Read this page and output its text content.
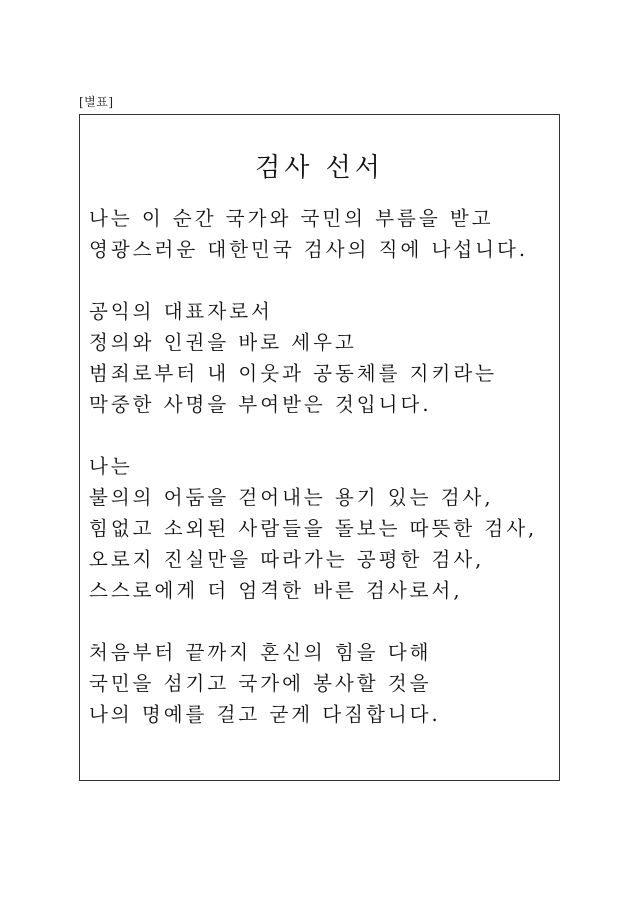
[별표]
검사 선서
나는 이 순간 국가와 국민의 부름을 받고
영광스러운 대한민국 검사의 직에 나섭니다.
공익의 대표자로서
정의와 인권을 바로 세우고
범죄로부터 내 이웃과 공동체를 지키라는
막중한 사명을 부여받은 것입니다.
나는
불의의 어둠을 걷어내는 용기 있는 검사,
힘없고 소외된 사람들을 돌보는 따뜻한 검사,
오로지 진실만을 따라가는 공평한 검사,
스스로에게 더 엄격한 바른 검사로서,
처음부터 끝까지 혼신의 힘을 다해
국민을 섬기고 국가에 봉사할 것을
나의 명예를 걸고 굳게 다짐합니다.
